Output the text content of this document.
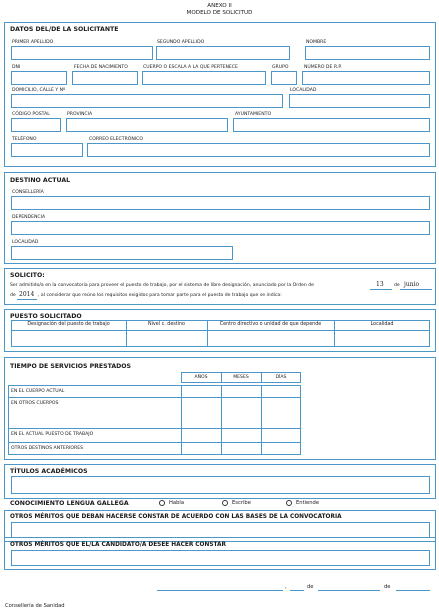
ANEXO II
MODELO DE SOLICITUD
DATOS DEL/DE LA SOLICITANTE
PRIMER APELLIDO	SEGUNDO APELLIDO	NOMBRE
DNI	FECHA DE NACIMIENTO	CUERPO O ESCALA A LA QUE PERTENECE	GRUPO	NÚMERO DE R.P.
DOMICILIO, CALLE Y Nº	LOCALIDAD
CÓDIGO POSTAL	PROVINCIA	AYUNTAMIENTO
TELÉFONO	CORREO ELECTRÓNICO
DESTINO ACTUAL
CONSELLERÍA
DEPENDENCIA
LOCALIDAD
SOLICITO:
Ser admitido/a en la convocatoria para proveer el puesto de trabajo, por el sistema de libre designación, anunciado por la Orden de	13 de junio
de 2014 , al considerar que reúno los requisitos exigidos para tomar parte para el puesto de trabajo que se indica:
PUESTO SOLICITADO
Designación del puesto de trabajo	Nivel c. destino	Centro directivo o unidad de que depende	Localidad
TIEMPO DE SERVICIOS PRESTADOS
AÑOS	MESES	DÍAS
EN EL CUERPO ACTUAL
EN OTROS CUERPOS
EN EL ACTUAL PUESTO DE TRABAJO
OTROS DESTINOS ANTERIORES
TÍTULOS ACADÉMICOS
CONOCIMIENTO LENGUA GALLEGA	Habla	Escribe	Entiende
OTROS MÉRITOS QUE DEBAN HACERSE CONSTAR DE ACUERDO CON LAS BASES DE LA CONVOCATORIA
OTROS MÉRITOS QUE EL/LA CANDIDATO/A DESEE HACER CONSTAR
,	de	de
Consellería de Sanidad
